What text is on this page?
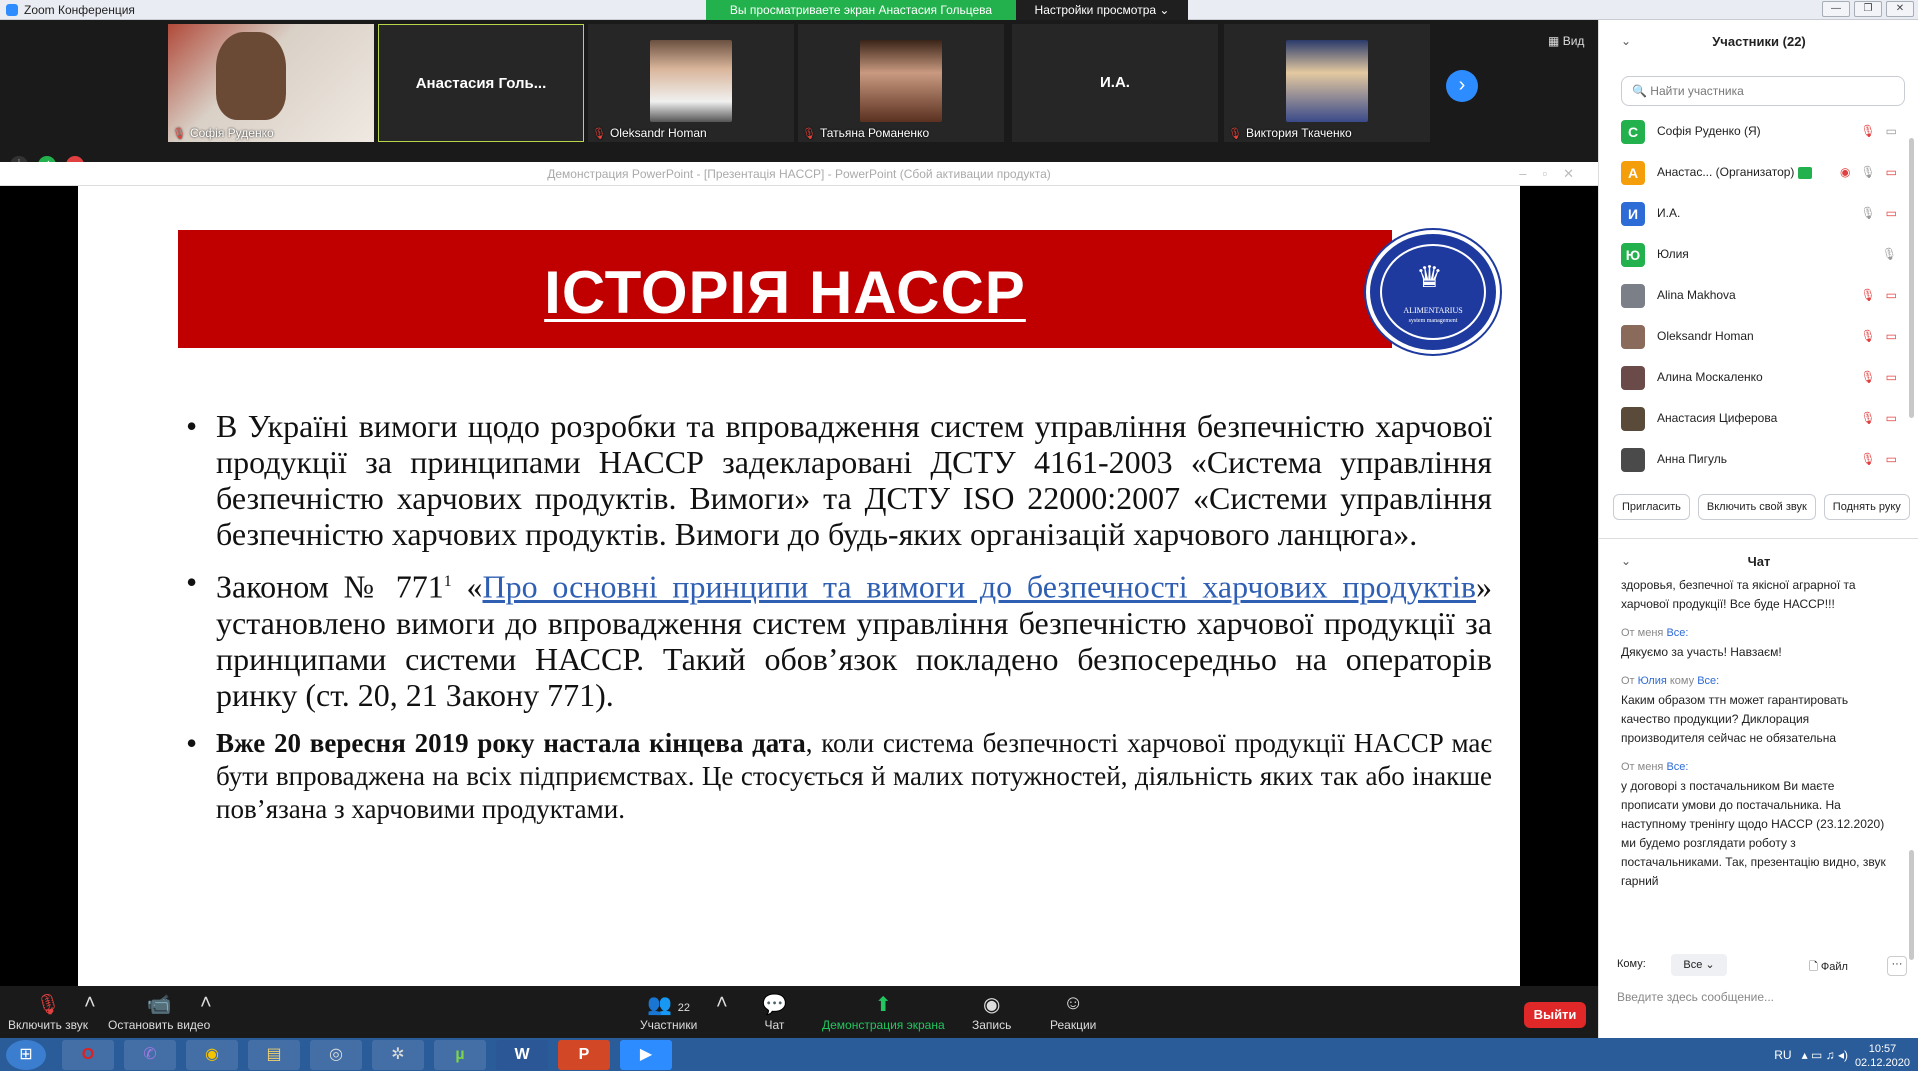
Zoom Конференция	—	❐	✕
Вы просматриваете экран Анастасия Гольцева	Настройки просмотра ⌄
🎙 Софія Руденко
Анастасия Голь...
🎙 Oleksandr Homan	🎙 Татьяна Романенко
И.А.
🎙 Виктория Ткаченко
›
▦ Вид
Демонстрация PowerPoint - [Презентація HACCP] - PowerPoint (Сбой активации продукта)	–▫✕
ІСТОРІЯ НАССР	♛
ALIMENTARIUS
system management
• В Україні вимоги щодо розробки та впровадження систем управління безпечністю харчової продукції за принципами НАССР задекларовані ДСТУ 4161-2003 «Система управління безпечністю харчових продуктів. Вимоги» та ДСТУ ISO 22000:2007 «Системи управління безпечністю харчових продуктів. Вимоги до будь-яких організацій харчового ланцюга».
• Законом № $771^1$ «Про основні принципи та вимоги до безпечності харчових продуктів» установлено вимоги до впровадження систем управління безпечністю харчової продукції за принципами системи НАССР. Такий обов’язок покладено безпосередньо на операторів ринку (ст. 20, 21 Закону 771).
• Вже 20 вересня 2019 року настала кінцева дата, коли система безпечності харчової продукції HACCP має бути впроваджена на всіх підприємствах. Це стосується й малих потужностей, діяльність яких так або інакше пов’язана з харчовими продуктами.
🎙
Включить звук
˄	📹
Остановить видео
˄	👥 22
Участники
˄ 💬
Чат
⬆
Демонстрация экрана
◉
Запись
☺
Реакции
Выйти
⌄	Участники (22)
🔍 Найти участника
С	Софія Руденко (Я)	🎙 ▭
А	Анастас... (Организатор)	◉ 🎙 ▭
И	И.А.	🎙 ▭
Ю	Юлия	🎙
Alina Makhova	🎙 ▭
Oleksandr Homan	🎙 ▭
Алина Москаленко	🎙 ▭
Анастасия Циферова	🎙 ▭
Анна Пигуль	🎙 ▭
Пригласить	Включить свой звук	Поднять руку
⌄	Чат
здоровья, безпечної та якісної аграрної та харчової продукції! Все буде НАССР!!!
От меня Все:
Дякуємо за участь! Навзаєм!
От Юлия кому Все:
Каким образом ттн может гарантировать качество продукции? Диклорация производителя сейчас не обязательна
От меня Все:
у договорі з постачальником Ви маєте прописати умови до постачальника. На наступному тренінгу щодо НАССР (23.12.2020) ми будемо розглядати роботу з постачальниками. Так, презентацію видно, звук гарний
Кому:	Все ⌄	🗋 Файл	···
Введите здесь сообщение...
⊞	O	✆	◉	▤	◎	✲	µ	W	P	▶	RU   ▴ ▭ ♫ ◂)	10:57
02.12.2020
